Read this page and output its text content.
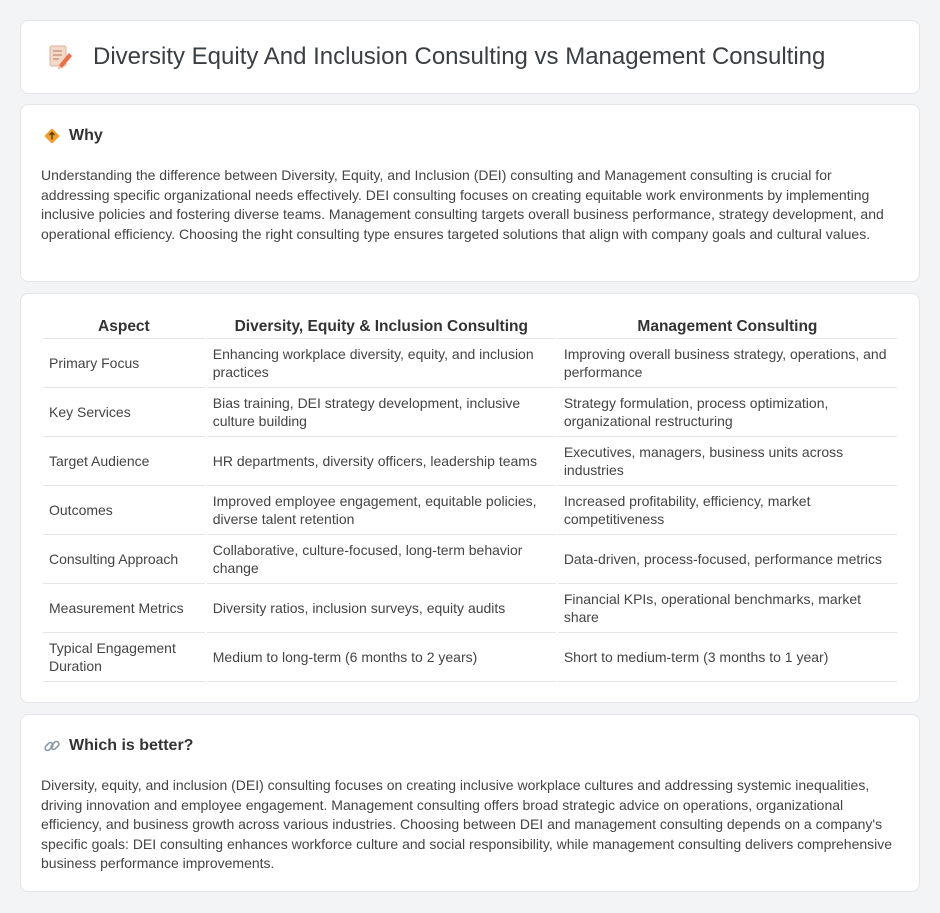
Diversity Equity And Inclusion Consulting vs Management Consulting
Why

Understanding the difference between Diversity, Equity, and Inclusion (DEI) consulting and Management consulting is crucial for addressing specific organizational needs effectively. DEI consulting focuses on creating equitable work environments by implementing inclusive policies and fostering diverse teams. Management consulting targets overall business performance, strategy development, and operational efficiency. Choosing the right consulting type ensures targeted solutions that align with company goals and cultural values.

Aspect	Diversity, Equity & Inclusion Consulting	Management Consulting
Primary Focus	Enhancing workplace diversity, equity, and inclusion practices	Improving overall business strategy, operations, and performance
Key Services	Bias training, DEI strategy development, inclusive culture building	Strategy formulation, process optimization, organizational restructuring
Target Audience	HR departments, diversity officers, leadership teams	Executives, managers, business units across industries
Outcomes	Improved employee engagement, equitable policies, diverse talent retention	Increased profitability, efficiency, market competitiveness
Consulting Approach	Collaborative, culture-focused, long-term behavior change	Data-driven, process-focused, performance metrics
Measurement Metrics	Diversity ratios, inclusion surveys, equity audits	Financial KPIs, operational benchmarks, market share
Typical Engagement Duration	Medium to long-term (6 months to 2 years)	Short to medium-term (3 months to 1 year)
Which is better?

Diversity, equity, and inclusion (DEI) consulting focuses on creating inclusive workplace cultures and addressing systemic inequalities, driving innovation and employee engagement. Management consulting offers broad strategic advice on operations, organizational efficiency, and business growth across various industries. Choosing between DEI and management consulting depends on a company's specific goals: DEI consulting enhances workforce culture and social responsibility, while management consulting delivers comprehensive business performance improvements.
